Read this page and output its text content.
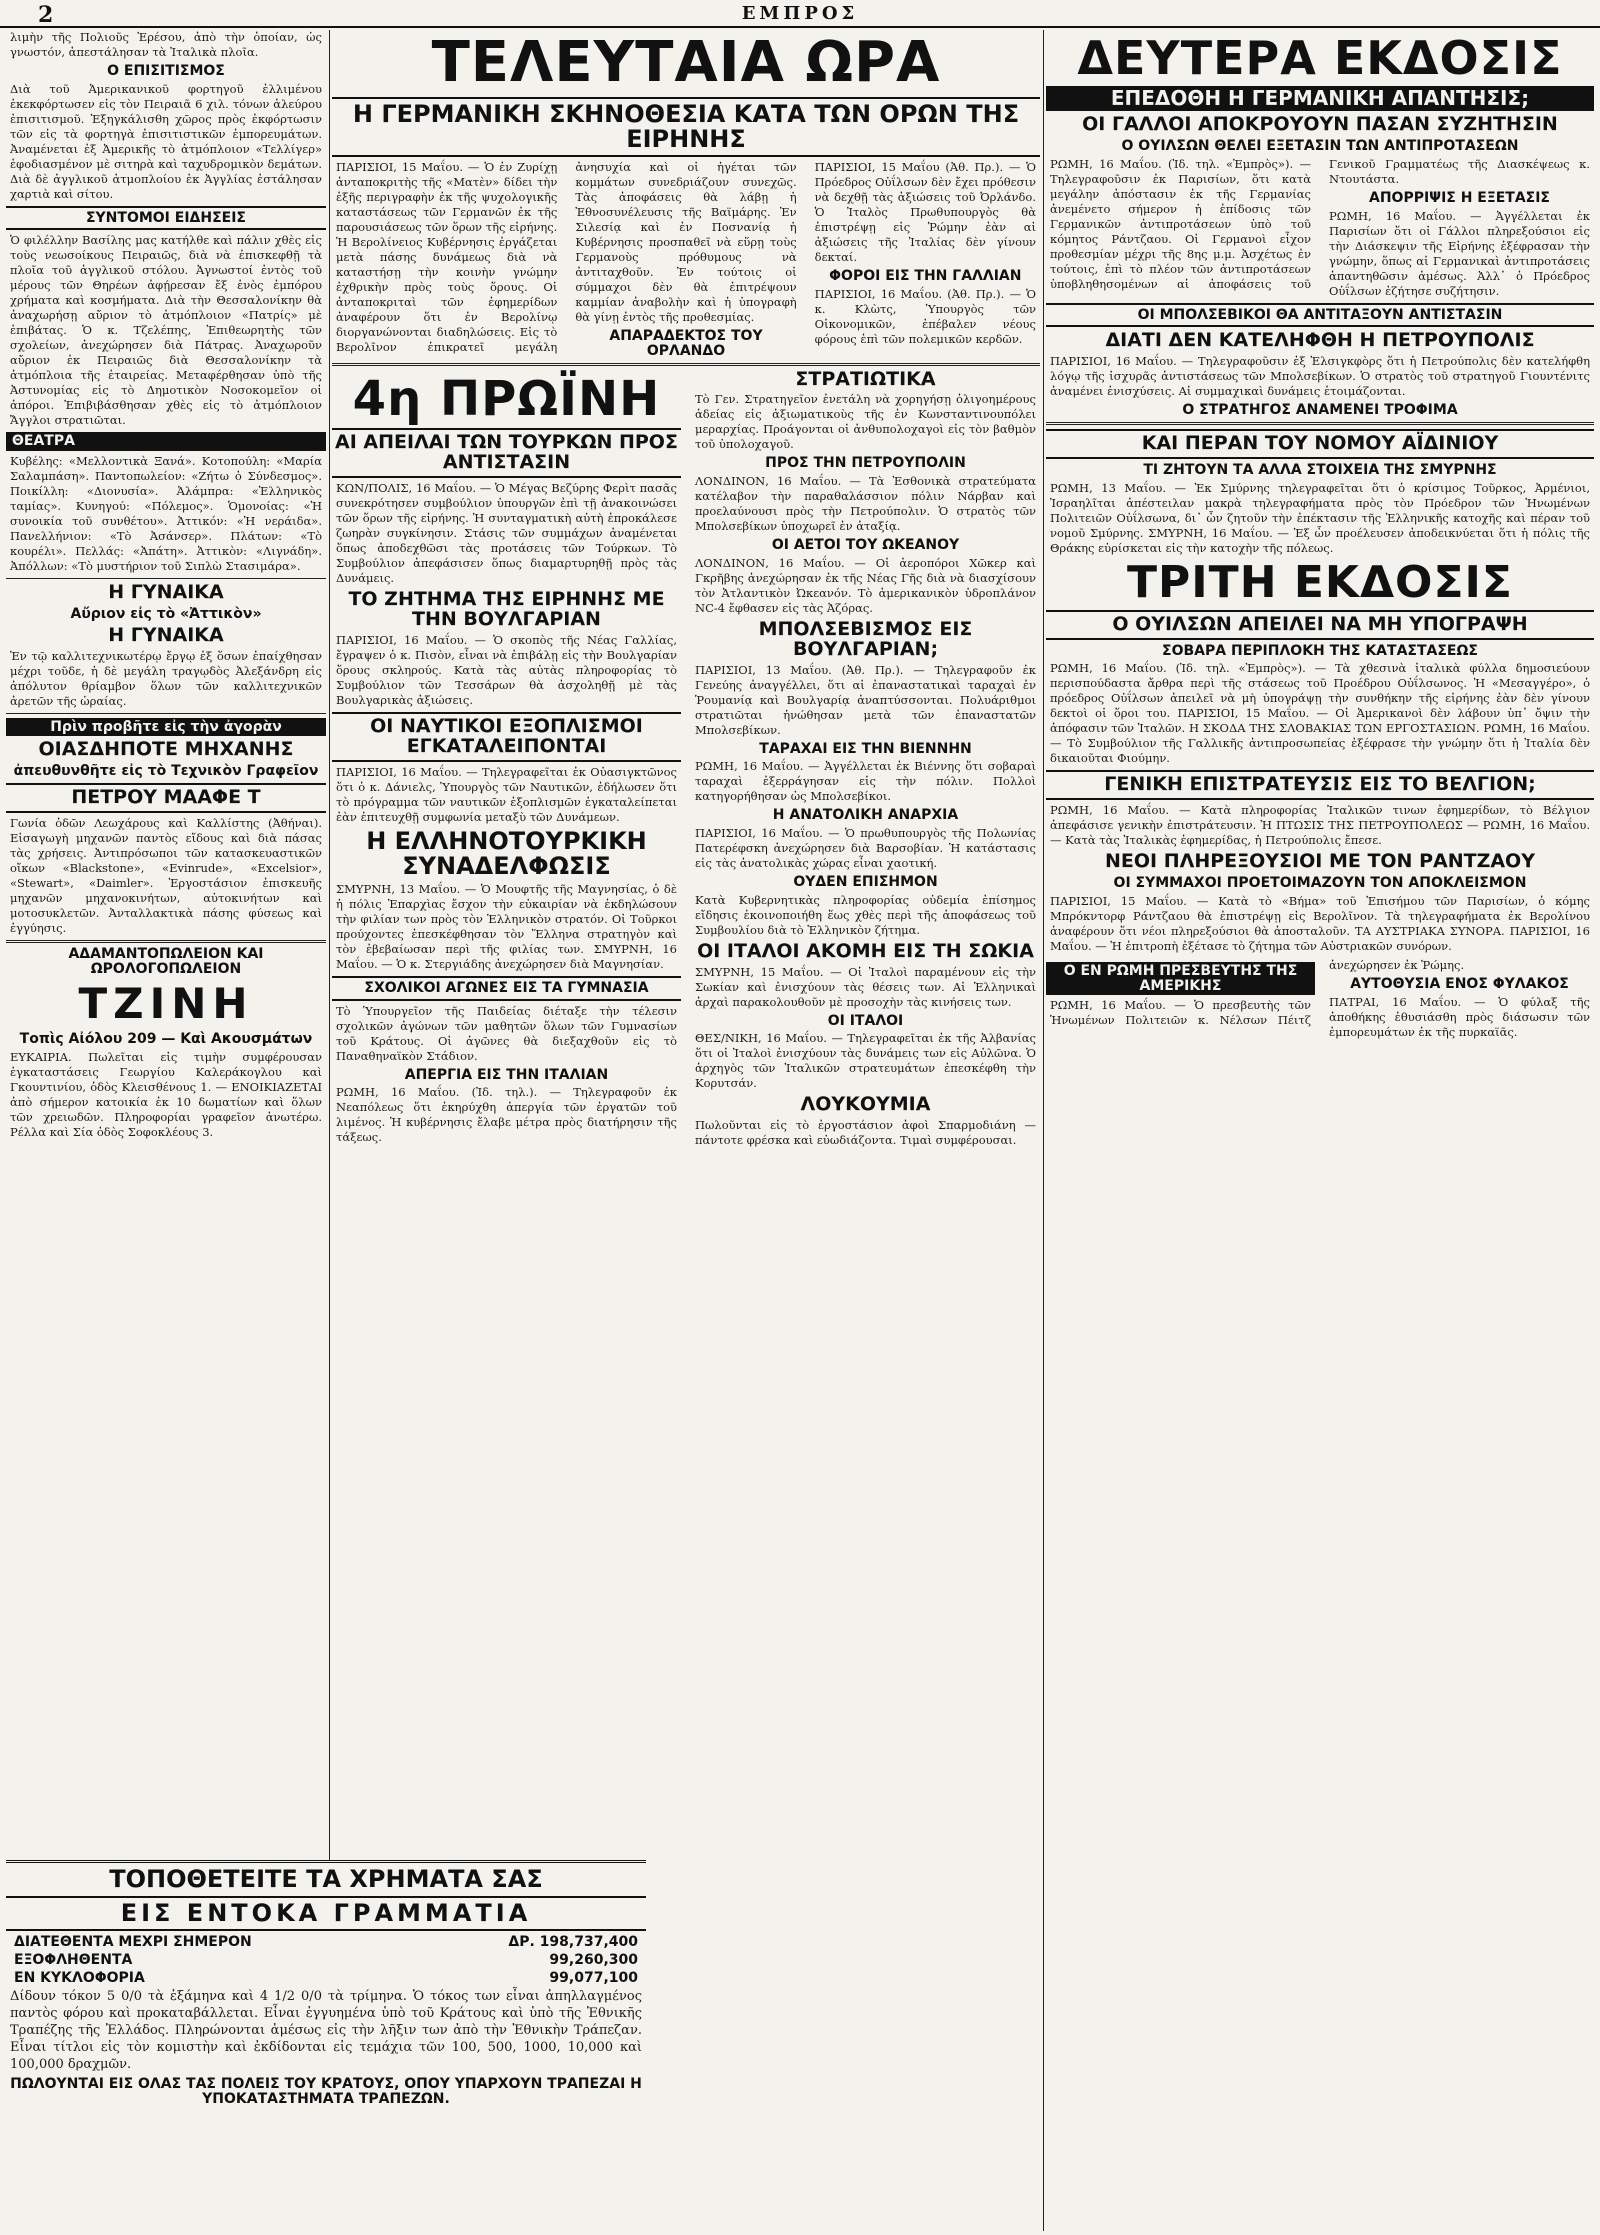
2	ΕΜΠΡΟΣ
λιμὴν τῆς Πολιοῦς Ἐρέσου, ἀπὸ τὴν ὁποίαν, ὡς γνωστόν, ἀπεστάλησαν τὰ Ἰταλικὰ πλοῖα.
Ο ΕΠΙΣΙΤΙΣΜΟΣ
Διὰ τοῦ Ἀμερικανικοῦ φορτηγοῦ ἐλλιμένου ἐκεκφόρτωσεν εἰς τὸν Πειραιᾶ 6 χιλ. τόνων ἀλεύρου ἐπισιτισμοῦ. Ἐξηγκάλισθη χῶρος πρὸς ἐκφόρτωσιν τῶν εἰς τὰ φορτηγὰ ἐπισιτιστικῶν ἐμπορευμάτων. Ἀναμένεται ἐξ Ἀμερικῆς τὸ ἀτμόπλοιον «Τελλίγερ» ἐφοδιασμένον μὲ σιτηρὰ καὶ ταχυδρομικὸν δεμάτων. Διὰ δὲ ἀγγλικοῦ ἀτμοπλοίου ἐκ Ἀγγλίας ἐστάλησαν χαρτιὰ καὶ σίτου.
ΣΥΝΤΟΜΟΙ ΕΙΔΗΣΕΙΣ
Ὁ φιλέλλην Βασίλης μας κατήλθε καὶ πάλιν χθὲς εἰς τοὺς νεωσοίκους Πειραιῶς, διὰ νὰ ἐπισκεφθῇ τὰ πλοῖα τοῦ ἀγγλικοῦ στόλου. Ἀγνωστοί ἐντὸς τοῦ μέρους τῶν Θηρέων ἀφῄρεσαν ἔξ ἑνὸς ἐμπόρου χρήματα καὶ κοσμήματα. Διὰ τὴν Θεσσαλονίκην θὰ ἀναχωρήσῃ αὔριον τὸ ἀτμόπλοιον «Πατρίς» μὲ ἐπιβάτας. Ὁ κ. Τζελέπης, Ἐπιθεωρητὴς τῶν σχολείων, ἀνεχώρησεν διὰ Πάτρας. Ἀναχωροῦν αὔριον ἐκ Πειραιῶς διὰ Θεσσαλονίκην τὰ ἀτμόπλοια τῆς ἑταιρείας. Μεταφέρθησαν ὑπὸ τῆς Ἀστυνομίας εἰς τὸ Δημοτικὸν Νοσοκομεῖον οἱ ἀπόροι. Ἐπιβιβάσθησαν χθὲς εἰς τὸ ἀτμόπλοιον Ἄγγλοι στρατιῶται.
ΘΕΑΤΡΑ
Κυβέλης: «Μελλοντικὰ Ξανά». Κοτοπούλη: «Μαρία Σαλαμπάση». Παντοπωλείον: «Ζήτω ὁ Σύνδεσμος». Ποικίλλη: «Διονυσία». Ἀλάμπρα: «Ἑλληνικὸς ταμίας». Κυνηγού: «Πόλεμος». Ὁμονοίας: «Ἡ συνοικία τοῦ συνθέτου». Ἀττικόν: «Ἡ νεράιδα». Πανελλήνιον: «Τὸ Ἀσάνσερ». Πλάτων: «Τὸ κουρέλι». Πελλάς: «Ἀπάτη». Ἀττικὸν: «Λιγνάδη». Ἀπόλλων: «Τὸ μυστήριον τοῦ Σιπλὼ Στασιμάρα».
Η ΓΥΝΑΙΚΑ
Αὔριον εἰς τὸ «Ἀττικὸν»
Η ΓΥΝΑΙΚΑ
Ἐν τῷ καλλιτεχνικωτέρῳ ἔργῳ ἐξ ὅσων ἐπαίχθησαν μέχρι τοῦδε, ἡ δὲ μεγάλη τραγῳδὸς Ἀλεξάνδρη εἰς ἀπόλυτον θρίαμβον ὅλων τῶν καλλιτεχνικῶν ἀρετῶν τῆς ὡραίας.
Πρὶν προβῆτε εἰς τὴν ἀγορὰν
ΟΙΑΣΔΗΠΟΤΕ ΜΗΧΑΝΗΣ
ἀπευθυνθῆτε εἰς τὸ Τεχνικὸν Γραφεῖον
ΠΕΤΡΟΥ ΜΑΑΦΕ Τ
Γωνία ὁδῶν Λεωχάρους καὶ Καλλίστης (Ἀθήναι). Εἰσαγωγὴ μηχανῶν παντὸς εἴδους καὶ διὰ πάσας τὰς χρήσεις. Ἀντιπρόσωποι τῶν κατασκευαστικῶν οἴκων «Blackstone», «Evinrude», «Excelsior», «Stewart», «Daimler». Ἐργοστάσιον ἐπισκευῆς μηχανῶν μηχανοκινήτων, αὐτοκινήτων καὶ μοτοσυκλετῶν. Ἀνταλλακτικὰ πάσης φύσεως καὶ ἐγγύησις.
ΑΔΑΜΑΝΤΟΠΩΛΕΙΟΝ ΚΑΙ ΩΡΟΛΟΓΟΠΩΛΕΙΟΝ
ΤΖΙΝΗ
Τοπὶς Αἰόλου 209 — Καὶ Ακουσμάτων
ΕΥΚΑΙΡΙΑ. Πωλεῖται εἰς τιμὴν συμφέρουσαν ἐγκαταστάσεις Γεωργίου Καλεράκογλου καὶ Γκουντινίου, ὁδὸς Κλεισθένους 1. — ΕΝΟΙΚΙΑΖΕΤΑΙ ἀπὸ σήμερον κατοικία ἐκ 10 δωματίων καὶ ὅλων τῶν χρειωδῶν. Πληροφορίαι γραφεῖον ἀνωτέρω. Ρέλλα καὶ Σία ὁδὸς Σοφοκλέους 3.
ΤΕΛΕΥΤΑΙΑ ΩΡΑ
Η ΓΕΡΜΑΝΙΚΗ ΣΚΗΝΟΘΕΣΙΑ ΚΑΤΑ ΤΩΝ ΟΡΩΝ ΤΗΣ ΕΙΡΗΝΗΣ
ΠΑΡΙΣΙΟΙ, 15 Μαΐου. — Ὁ ἐν Ζυρίχῃ ἀνταποκριτὴς τῆς «Ματὲν» δίδει τὴν ἑξῆς περιγραφὴν ἐκ τῆς ψυχολογικῆς καταστάσεως τῶν Γερμανῶν ἐκ τῆς παρουσιάσεως τῶν ὅρων τῆς εἰρήνης. Ἡ Βερολίνειος Κυβέρνησις ἐργάζεται μετὰ πάσης δυνάμεως διὰ νὰ καταστήσῃ τὴν κοινὴν γνώμην ἐχθρικὴν πρὸς τοὺς ὅρους. Οἱ ἀνταποκριταὶ τῶν ἐφημερίδων ἀναφέρουν ὅτι ἐν Βερολίνῳ διοργανώνονται διαδηλώσεις. Εἰς τὸ Βερολῖνον ἐπικρατεῖ μεγάλη ἀνησυχία καὶ οἱ ἡγέται τῶν κομμάτων συνεδριάζουν συνεχῶς. Τὰς ἀποφάσεις θὰ λάβῃ ἡ Ἐθνοσυνέλευσις τῆς Βαϊμάρης. Ἐν Σιλεσίᾳ καὶ ἐν Ποσνανίᾳ ἡ Κυβέρνησις προσπαθεῖ νὰ εὕρῃ τοὺς Γερμανοὺς πρόθυμους νὰ ἀντιταχθοῦν. Ἐν τούτοις οἱ σύμμαχοι δὲν θὰ ἐπιτρέψουν καμμίαν ἀναβολὴν καὶ ἡ ὑπογραφὴ θὰ γίνῃ ἐντὸς τῆς προθεσμίας.
ΑΠΑΡΑΔΕΚΤΟΣ ΤΟΥ ΟΡΛΑΝΔΟ
ΠΑΡΙΣΙΟΙ, 15 Μαΐου (Ἀθ. Πρ.). — Ὁ Πρόεδρος Οὐΐλσων δὲν ἔχει πρόθεσιν νὰ δεχθῇ τὰς ἀξιώσεις τοῦ Ὀρλάνδο. Ὁ Ἰταλὸς Πρωθυπουργὸς θὰ ἐπιστρέψῃ εἰς Ῥώμην ἐὰν αἱ ἀξιώσεις τῆς Ἰταλίας δὲν γίνουν δεκταί.
ΦΟΡΟΙ ΕΙΣ ΤΗΝ ΓΑΛΛΙΑΝ
ΠΑΡΙΣΙΟΙ, 16 Μαΐου. (Ἀθ. Πρ.). — Ὁ κ. Κλὼτς, Ὑπουργὸς τῶν Οἰκονομικῶν, ἐπέβαλεν νέους φόρους ἐπὶ τῶν πολεμικῶν κερδῶν.
4η ΠΡΩΪΝΗ
ΑΙ ΑΠΕΙΛΑΙ ΤΩΝ ΤΟΥΡΚΩΝ ΠΡΟΣ ΑΝΤΙΣΤΑΣΙΝ
ΚΩΝ/ΠΟΛΙΣ, 16 Μαΐου. — Ὁ Μέγας Βεζύρης Φερὶτ πασᾶς συνεκρότησεν συμβούλιον ὑπουργῶν ἐπὶ τῇ ἀνακοινώσει τῶν ὅρων τῆς εἰρήνης. Ἡ συνταγματικὴ αὐτὴ ἐπροκάλεσε ζωηρὰν συγκίνησιν. Στάσις τῶν συμμάχων ἀναμένεται ὅπως ἀποδεχθῶσι τὰς προτάσεις τῶν Τούρκων. Τὸ Συμβούλιον ἀπεφάσισεν ὅπως διαμαρτυρηθῇ πρὸς τὰς Δυνάμεις.
ΤΟ ΖΗΤΗΜΑ ΤΗΣ ΕΙΡΗΝΗΣ ΜΕ ΤΗΝ ΒΟΥΛΓΑΡΙΑΝ
ΠΑΡΙΣΙΟΙ, 16 Μαΐου. — Ὁ σκοπὸς τῆς Νέας Γαλλίας, ἔγραψεν ὁ κ. Πισὸν, εἶναι νὰ ἐπιβάλῃ εἰς τὴν Βουλγαρίαν ὅρους σκληρούς. Κατὰ τὰς αὐτὰς πληροφορίας τὸ Συμβούλιον τῶν Τεσσάρων θὰ ἀσχοληθῇ μὲ τὰς Βουλγαρικὰς ἀξιώσεις.
ΟΙ ΝΑΥΤΙΚΟΙ ΕΞΟΠΛΙΣΜΟΙ ΕΓΚΑΤΑΛΕΙΠΟΝΤΑΙ
ΠΑΡΙΣΙΟΙ, 16 Μαΐου. — Τηλεγραφεῖται ἐκ Οὐασιγκτῶνος ὅτι ὁ κ. Δάνιελς, Ὑπουργὸς τῶν Ναυτικῶν, ἐδήλωσεν ὅτι τὸ πρόγραμμα τῶν ναυτικῶν ἐξοπλισμῶν ἐγκαταλείπεται ἐὰν ἐπιτευχθῇ συμφωνία μεταξὺ τῶν Δυνάμεων.
Η ΕΛΛΗΝΟΤΟΥΡΚΙΚΗ ΣΥΝΑΔΕΛΦΩΣΙΣ
ΣΜΥΡΝΗ, 13 Μαΐου. — Ὁ Μουφτῆς τῆς Μαγνησίας, ὁ δὲ ἡ πόλις Ἐπαρχὶας ἔσχον τὴν εὐκαιρίαν νὰ ἐκδηλώσουν τὴν φιλίαν των πρὸς τὸν Ἑλληνικὸν στρατόν. Οἱ Τοῦρκοι προύχοντες ἐπεσκέφθησαν τὸν Ἕλληνα στρατηγὸν καὶ τὸν ἐβεβαίωσαν περὶ τῆς φιλίας των. ΣΜΥΡΝΗ, 16 Μαΐου. — Ὁ κ. Στεργιάδης ἀνεχώρησεν διὰ Μαγνησίαν.
ΣΧΟΛΙΚΟΙ ΑΓΩΝΕΣ ΕΙΣ ΤΑ ΓΥΜΝΑΣΙΑ
Τὸ Ὑπουργεῖον τῆς Παιδείας διέταξε τὴν τέλεσιν σχολικῶν ἀγώνων τῶν μαθητῶν ὅλων τῶν Γυμνασίων τοῦ Κράτους. Οἱ ἀγῶνες θὰ διεξαχθοῦν εἰς τὸ Παναθηναϊκὸν Στάδιον.
ΑΠΕΡΓΙΑ ΕΙΣ ΤΗΝ ΙΤΑΛΙΑΝ
ΡΩΜΗ, 16 Μαΐου. (Ἰδ. τηλ.). — Τηλεγραφοῦν ἐκ Νεαπόλεως ὅτι ἐκηρύχθη ἀπεργία τῶν ἐργατῶν τοῦ λιμένος. Ἡ κυβέρνησις ἔλαβε μέτρα πρὸς διατήρησιν τῆς τάξεως.
ΣΤΡΑΤΙΩΤΙΚΑ
Τὸ Γεν. Στρατηγεῖον ἐνετάλη νὰ χορηγήσῃ ὀλιγοημέρους ἀδείας εἰς ἀξιωματικοὺς τῆς ἐν Κωνσταντινουπόλει μεραρχίας. Προάγονται οἱ ἀνθυπολοχαγοὶ εἰς τὸν βαθμὸν τοῦ ὑπολοχαγοῦ.
ΠΡΟΣ ΤΗΝ ΠΕΤΡΟΥΠΟΛΙΝ
ΛΟΝΔΙΝΟΝ, 16 Μαΐου. — Τὰ Ἐσθονικὰ στρατεύματα κατέλαβον τὴν παραθαλάσσιον πόλιν Νάρβαν καὶ προελαύνουσι πρὸς τὴν Πετρούπολιν. Ὁ στρατὸς τῶν Μπολσεβίκων ὑποχωρεῖ ἐν ἀταξίᾳ.
ΟΙ ΑΕΤΟΙ ΤΟΥ ΩΚΕΑΝΟΥ
ΛΟΝΔΙΝΟΝ, 16 Μαΐου. — Οἱ ἀεροπόροι Χῶκερ καὶ Γκρῆβης ἀνεχώρησαν ἐκ τῆς Νέας Γῆς διὰ νὰ διασχίσουν τὸν Ἀτλαντικὸν Ὠκεανόν. Τὸ ἀμερικανικὸν ὑδροπλάνον NC-4 ἔφθασεν εἰς τὰς Ἀζόρας.
ΜΠΟΛΣΕΒΙΣΜΟΣ ΕΙΣ ΒΟΥΛΓΑΡΙΑΝ;
ΠΑΡΙΣΙΟΙ, 13 Μαΐου. (Ἀθ. Πρ.). — Τηλεγραφοῦν ἐκ Γενεύης ἀναγγέλλει, ὅτι αἱ ἐπαναστατικαὶ ταραχαὶ ἐν Ῥουμανίᾳ καὶ Βουλγαρίᾳ ἀναπτύσσονται. Πολυάριθμοι στρατιῶται ἡνώθησαν μετὰ τῶν ἐπαναστατῶν Μπολσεβίκων.
ΤΑΡΑΧΑΙ ΕΙΣ ΤΗΝ ΒΙΕΝΝΗΝ
ΡΩΜΗ, 16 Μαΐου. — Ἀγγέλλεται ἐκ Βιέννης ὅτι σοβαραὶ ταραχαὶ ἐξερράγησαν εἰς τὴν πόλιν. Πολλοὶ κατηγορήθησαν ὡς Μπολσεβίκοι.
Η ΑΝΑΤΟΛΙΚΗ ΑΝΑΡΧΙΑ
ΠΑΡΙΣΙΟΙ, 16 Μαΐου. — Ὁ πρωθυπουργὸς τῆς Πολωνίας Πατερέφσκη ἀνεχώρησεν διὰ Βαρσοβίαν. Ἡ κατάστασις εἰς τὰς ἀνατολικὰς χώρας εἶναι χαοτική.
ΟΥΔΕΝ ΕΠΙΣΗΜΟΝ
Κατὰ Κυβερνητικὰς πληροφορίας οὐδεμία ἐπίσημος εἴδησις ἐκοινοποιήθη ἕως χθὲς περὶ τῆς ἀποφάσεως τοῦ Συμβουλίου διὰ τὸ Ἑλληνικὸν ζήτημα.
ΟΙ ΙΤΑΛΟΙ ΑΚΟΜΗ ΕΙΣ ΤΗ ΣΩΚΙΑ
ΣΜΥΡΝΗ, 15 Μαΐου. — Οἱ Ἰταλοὶ παραμένουν εἰς τὴν Σωκίαν καὶ ἐνισχύουν τὰς θέσεις των. Αἱ Ἑλληνικαὶ ἀρχαὶ παρακολουθοῦν μὲ προσοχὴν τὰς κινήσεις των.
ΟΙ ΙΤΑΛΟΙ
ΘΕΣ/ΝΙΚΗ, 16 Μαΐου. — Τηλεγραφεῖται ἐκ τῆς Ἀλβανίας ὅτι οἱ Ἰταλοὶ ἐνισχύουν τὰς δυνάμεις των εἰς Αὐλῶνα. Ὁ ἀρχηγὸς τῶν Ἰταλικῶν στρατευμάτων ἐπεσκέφθη τὴν Κορυτσάν.
ΛΟΥΚΟΥΜΙΑ
Πωλοῦνται εἰς τὸ ἐργοστάσιον ἀφοὶ Σπαρμοδιάνη — πάντοτε φρέσκα καὶ εὐωδιάζοντα. Τιμαὶ συμφέρουσαι.
ΤΟΠΟΘΕΤΕΙΤΕ ΤΑ ΧΡΗΜΑΤΑ ΣΑΣ
ΕΙΣ ΕΝΤΟΚΑ ΓΡΑΜΜΑΤΙΑ
ΔΙΑΤΕΘΕΝΤΑ ΜΕΧΡΙ ΣΗΜΕΡΟΝ	ΔΡ. 198,737,400
ΕΞΟΦΛΗΘΕΝΤΑ	99,260,300
ΕΝ ΚΥΚΛΟΦΟΡΙΑ	99,077,100
Δίδουν τόκον 5 0/0 τὰ ἑξάμηνα καὶ 4 1/2 0/0 τὰ τρίμηνα. Ὁ τόκος των εἶναι ἀπηλλαγμένος παντὸς φόρου καὶ προκαταβάλλεται. Εἶναι ἐγγυημένα ὑπὸ τοῦ Κράτους καὶ ὑπὸ τῆς Ἐθνικῆς Τραπέζης τῆς Ἑλλάδος. Πληρώνονται ἀμέσως εἰς τὴν λῆξιν των ἀπὸ τὴν Ἐθνικὴν Τράπεζαν. Εἶναι τίτλοι εἰς τὸν κομιστὴν καὶ ἐκδίδονται εἰς τεμάχια τῶν 100, 500, 1000, 10,000 καὶ 100,000 δραχμῶν.
ΠΩΛΟΥΝΤΑΙ ΕΙΣ ΟΛΑΣ ΤΑΣ ΠΟΛΕΙΣ ΤΟΥ ΚΡΑΤΟΥΣ, ΟΠΟΥ ΥΠΑΡΧΟΥΝ ΤΡΑΠΕΖΑΙ Η ΥΠΟΚΑΤΑΣΤΗΜΑΤΑ ΤΡΑΠΕΖΩΝ.
ΔΕΥΤΕΡΑ ΕΚΔΟΣΙΣ
ΕΠΕΔΟΘΗ Η ΓΕΡΜΑΝΙΚΗ ΑΠΑΝΤΗΣΙΣ;
ΟΙ ΓΑΛΛΟΙ ΑΠΟΚΡΟΥΟΥΝ ΠΑΣΑΝ ΣΥΖΗΤΗΣΙΝ
Ο ΟΥΙΛΣΩΝ ΘΕΛΕΙ ΕΞΕΤΑΣΙΝ ΤΩΝ ΑΝΤΙΠΡΟΤΑΣΕΩΝ
ΡΩΜΗ, 16 Μαΐου. (Ἰδ. τηλ. «Ἐμπρὸς»). — Τηλεγραφοῦσιν ἐκ Παρισίων, ὅτι κατὰ μεγάλην ἀπόστασιν ἐκ τῆς Γερμανίας ἀνεμένετο σήμερον ἡ ἐπίδοσις τῶν Γερμανικῶν ἀντιπροτάσεων ὑπὸ τοῦ κόμητος Ράντζαου. Οἱ Γερμανοὶ εἶχον προθεσμίαν μέχρι τῆς 8ης μ.μ. Ἀσχέτως ἐν τούτοις, ἐπὶ τὸ πλέον τῶν ἀντιπροτάσεων ὑποβληθησομένων αἱ ἀποφάσεις τοῦ Γενικοῦ Γραμματέως τῆς Διασκέψεως κ. Ντουτάστα.
ΑΠΟΡΡΙΨΙΣ Η ΕΞΕΤΑΣΙΣ
ΡΩΜΗ, 16 Μαΐου. — Ἀγγέλλεται ἐκ Παρισίων ὅτι οἱ Γάλλοι πληρεξούσιοι εἰς τὴν Διάσκεψιν τῆς Εἰρήνης ἐξέφρασαν τὴν γνώμην, ὅπως αἱ Γερμανικαὶ ἀντιπροτάσεις ἀπαντηθῶσιν ἀμέσως. Ἀλλ᾽ ὁ Πρόεδρος Οὐΐλσων ἐζήτησε συζήτησιν.
ΟΙ ΜΠΟΛΣΕΒΙΚΟΙ ΘΑ ΑΝΤΙΤΑΞΟΥΝ ΑΝΤΙΣΤΑΣΙΝ
ΔΙΑΤΙ ΔΕΝ ΚΑΤΕΛΗΦΘΗ Η ΠΕΤΡΟΥΠΟΛΙΣ
ΠΑΡΙΣΙΟΙ, 16 Μαΐου. — Τηλεγραφοῦσιν ἐξ Ἑλσιγκφὸρς ὅτι ἡ Πετρούπολις δὲν κατελήφθη λόγῳ τῆς ἰσχυρᾶς ἀντιστάσεως τῶν Μπολσεβίκων. Ὁ στρατὸς τοῦ στρατηγοῦ Γιουντένιτς ἀναμένει ἐνισχύσεις. Αἱ συμμαχικαὶ δυνάμεις ἑτοιμάζονται.
Ο ΣΤΡΑΤΗΓΟΣ ΑΝΑΜΕΝΕΙ ΤΡΟΦΙΜΑ
ΚΑΙ ΠΕΡΑΝ ΤΟΥ ΝΟΜΟΥ ΑΪΔΙΝΙΟΥ
ΤΙ ΖΗΤΟΥΝ ΤΑ ΑΛΛΑ ΣΤΟΙΧΕΙΑ ΤΗΣ ΣΜΥΡΝΗΣ
ΡΩΜΗ, 13 Μαΐου. — Ἐκ Σμύρνης τηλεγραφεῖται ὅτι ὁ κρίσιμος Τοῦρκος, Ἀρμένιοι, Ἰσραηλῖται ἀπέστειλαν μακρὰ τηλεγραφήματα πρὸς τὸν Πρόεδρον τῶν Ἡνωμένων Πολιτειῶν Οὐΐλσωνα, δι᾽ ὧν ζητοῦν τὴν ἐπέκτασιν τῆς Ἑλληνικῆς κατοχῆς καὶ πέραν τοῦ νομοῦ Σμύρνης. ΣΜΥΡΝΗ, 16 Μαΐου. — Ἐξ ὧν προέλευσεν ἀποδεικνύεται ὅτι ἡ πόλις τῆς Θράκης εὑρίσκεται εἰς τὴν κατοχὴν τῆς πόλεως.
ΤΡΙΤΗ ΕΚΔΟΣΙΣ
Ο ΟΥΙΛΣΩΝ ΑΠΕΙΛΕΙ ΝΑ ΜΗ ΥΠΟΓΡΑΨΗ
ΣΟΒΑΡΑ ΠΕΡΙΠΛΟΚΗ ΤΗΣ ΚΑΤΑΣΤΑΣΕΩΣ
ΡΩΜΗ, 16 Μαΐου. (Ἰδ. τηλ. «Ἐμπρὸς»). — Τὰ χθεσινὰ ἰταλικὰ φύλλα δημοσιεύουν περισπούδαστα ἄρθρα περὶ τῆς στάσεως τοῦ Προέδρου Οὐΐλσωνος. Ἡ «Μεσαγγέρο», ὁ πρόεδρος Οὐΐλσων ἀπειλεῖ νὰ μὴ ὑπογράψῃ τὴν συνθήκην τῆς εἰρήνης ἐὰν δὲν γίνουν δεκτοὶ οἱ ὅροι του. ΠΑΡΙΣΙΟΙ, 15 Μαΐου. — Οἱ Ἀμερικανοὶ δὲν λάβουν ὑπ᾽ ὄψιν τὴν ἀπόφασιν τῶν Ἰταλῶν. Η ΣΚΟΔΑ ΤΗΣ ΣΛΟΒΑΚΙΑΣ ΤΩΝ ΕΡΓΟΣΤΑΣΙΩΝ. ΡΩΜΗ, 16 Μαΐου. — Τὸ Συμβούλιον τῆς Γαλλικῆς ἀντιπροσωπείας ἐξέφρασε τὴν γνώμην ὅτι ἡ Ἰταλία δὲν δικαιοῦται Φιούμην.
ΓΕΝΙΚΗ ΕΠΙΣΤΡΑΤΕΥΣΙΣ ΕΙΣ ΤΟ ΒΕΛΓΙΟΝ;
ΡΩΜΗ, 16 Μαΐου. — Κατὰ πληροφορίας Ἰταλικῶν τινων ἐφημερίδων, τὸ Βέλγιον ἀπεφάσισε γενικὴν ἐπιστράτευσιν. Ἡ ΠΤΩΣΙΣ ΤΗΣ ΠΕΤΡΟΥΠΟΛΕΩΣ — ΡΩΜΗ, 16 Μαΐου. — Κατὰ τὰς Ἰταλικὰς ἐφημερίδας, ἡ Πετρούπολις ἔπεσε.
ΝΕΟΙ ΠΛΗΡΕΞΟΥΣΙΟΙ ΜΕ ΤΟΝ ΡΑΝΤΖΑΟΥ
ΟΙ ΣΥΜΜΑΧΟΙ ΠΡΟΕΤΟΙΜΑΖΟΥΝ ΤΟΝ ΑΠΟΚΛΕΙΣΜΟΝ
ΠΑΡΙΣΙΟΙ, 15 Μαΐου. — Κατὰ τὸ «Βήμα» τοῦ Ἐπισήμου τῶν Παρισίων, ὁ κόμης Μπρόκντορφ Ράντζαου θὰ ἐπιστρέψῃ εἰς Βερολῖνον. Τὰ τηλεγραφήματα ἐκ Βερολίνου ἀναφέρουν ὅτι νέοι πληρεξούσιοι θὰ ἀποσταλοῦν. ΤΑ ΑΥΣΤΡΙΑΚΑ ΣΥΝΟΡΑ. ΠΑΡΙΣΙΟΙ, 16 Μαΐου. — Ἡ ἐπιτροπὴ ἐξέτασε τὸ ζήτημα τῶν Αὐστριακῶν συνόρων.
Ο ΕΝ ΡΩΜΗ ΠΡΕΣΒΕΥΤΗΣ ΤΗΣ ΑΜΕΡΙΚΗΣ
ΡΩΜΗ, 16 Μαΐου. — Ὁ πρεσβευτὴς τῶν Ἡνωμένων Πολιτειῶν κ. Νέλσων Πέιτζ ἀνεχώρησεν ἐκ Ῥώμης.
ΑΥΤΟΘΥΣΙΑ ΕΝΟΣ ΦΥΛΑΚΟΣ
ΠΑΤΡΑΙ, 16 Μαΐου. — Ὁ φύλαξ τῆς ἀποθήκης ἐθυσιάσθη πρὸς διάσωσιν τῶν ἐμπορευμάτων ἐκ τῆς πυρκαϊᾶς.
